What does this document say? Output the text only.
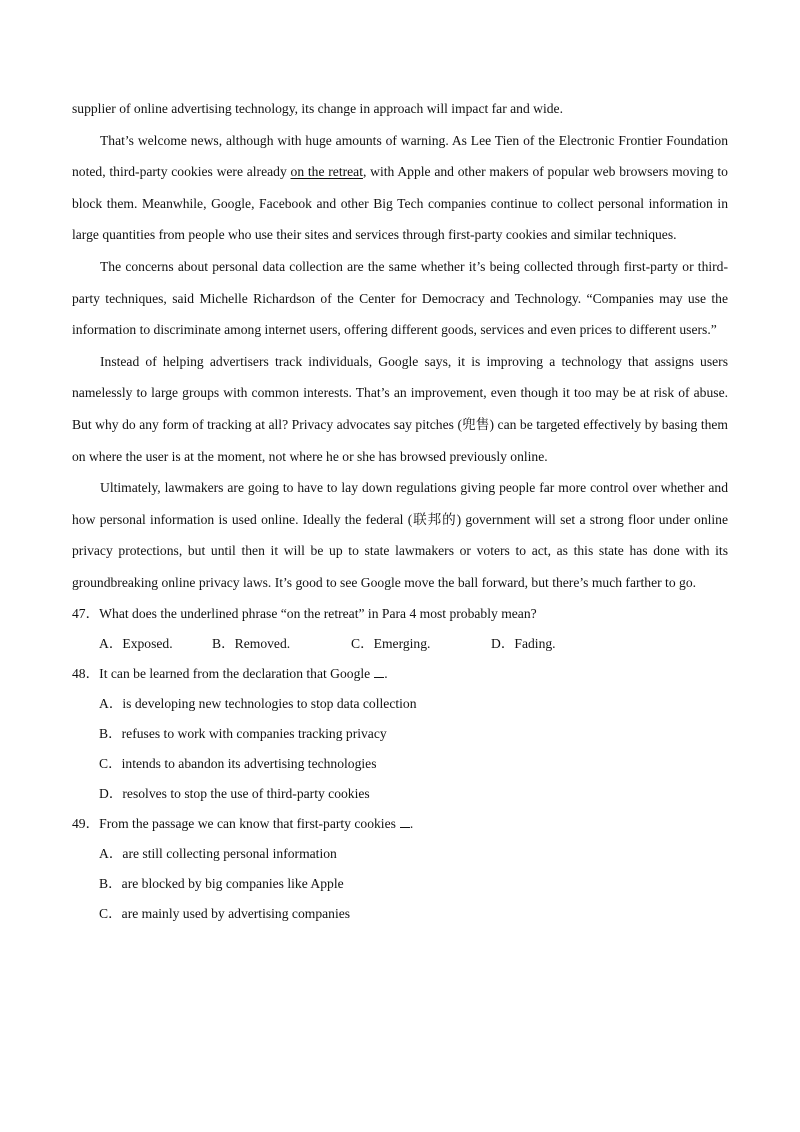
supplier of online advertising technology, its change in approach will impact far and wide.

That’s welcome news, although with huge amounts of warning. As Lee Tien of the Electronic Frontier Foundation noted, third-party cookies were already on the retreat, with Apple and other makers of popular web browsers moving to block them. Meanwhile, Google, Facebook and other Big Tech companies continue to collect personal information in large quantities from people who use their sites and services through first-party cookies and similar techniques.

The concerns about personal data collection are the same whether it’s being collected through first-party or third-party techniques, said Michelle Richardson of the Center for Democracy and Technology. “Companies may use the information to discriminate among internet users, offering different goods, services and even prices to different users.”

Instead of helping advertisers track individuals, Google says, it is improving a technology that assigns users namelessly to large groups with common interests. That’s an improvement, even though it too may be at risk of abuse. But why do any form of tracking at all? Privacy advocates say pitches (兜售) can be targeted effectively by basing them on where the user is at the moment, not where he or she has browsed previously online.

Ultimately, lawmakers are going to have to lay down regulations giving people far more control over whether and how personal information is used online. Ideally the federal (联邦的) government will set a strong floor under online privacy protections, but until then it will be up to state lawmakers or voters to act, as this state has done with its groundbreaking online privacy laws. It’s good to see Google move the ball forward, but there’s much farther to go.

47．What does the underlined phrase “on the retreat” in Para 4 most probably mean?

A．Exposed.	B．Removed.	C．Emerging.	D．Fading.

48．It can be learned from the declaration that Google .

A．is developing new technologies to stop data collection
B．refuses to work with companies tracking privacy
C．intends to abandon its advertising technologies
D．resolves to stop the use of third-party cookies

49．From the passage we can know that first-party cookies .

A．are still collecting personal information
B．are blocked by big companies like Apple
C．are mainly used by advertising companies
